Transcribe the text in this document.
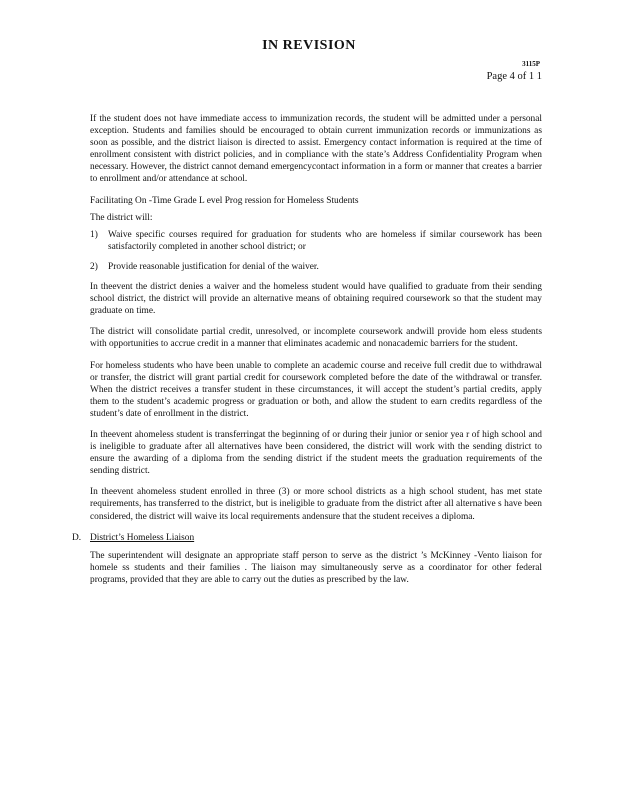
IN REVISION
3115P
Page 4 of 1 1

If the student does not have immediate access to immunization records, the student will be admitted under a personal exception. Students and families should be encouraged to obtain current immunization records or immunizations as soon as possible, and the district liaison is directed to assist. Emergency contact information is required at the time of enrollment consistent with district policies, and in compliance with the state’s Address Confidentiality Program when necessary. However, the district cannot demand emergencycontact information in a form or manner that creates a barrier to enrollment and/or attendance at school.

Facilitating On -Time Grade L evel Prog ression for Homeless Students

The district will:

1)	Waive specific courses required for graduation for students who are homeless if similar coursework has been satisfactorily completed in another school district; or
2)	Provide reasonable justification for denial of the waiver.

In theevent the district denies a waiver and the homeless student would have qualified to graduate from their sending school district, the district will provide an alternative means of obtaining required coursework so that the student may graduate on time.

The district will consolidate partial credit, unresolved, or incomplete coursework andwill provide hom eless students with opportunities to accrue credit in a manner that eliminates academic and nonacademic barriers for the student.

For homeless students who have been unable to complete an academic course and receive full credit due to withdrawal or transfer, the district will grant partial credit for coursework completed before the date of the withdrawal or transfer. When the district receives a transfer student in these circumstances, it will accept the student’s partial credits, apply them to the student’s academic progress or graduation or both, and allow the student to earn credits regardless of the student’s date of enrollment in the district.

In theevent ahomeless student is transferringat the beginning of or during their junior or senior yea r of high school and is ineligible to graduate after all alternatives have been considered, the district will work with the sending district to ensure the awarding of a diploma from the sending district if the student meets the graduation requirements of the sending district.

In theevent ahomeless student enrolled in three (3) or more school districts as a high school student, has met state requirements, has transferred to the district, but is ineligible to graduate from the district after all alternative s have been considered, the district will waive its local requirements andensure that the student receives a diploma.

D. District’s Homeless Liaison

The superintendent will designate an appropriate staff person to serve as the district ’s McKinney -Vento liaison for homele ss students and their families . The liaison may simultaneously serve as a coordinator for other federal programs, provided that they are able to carry out the duties as prescribed by the law.
